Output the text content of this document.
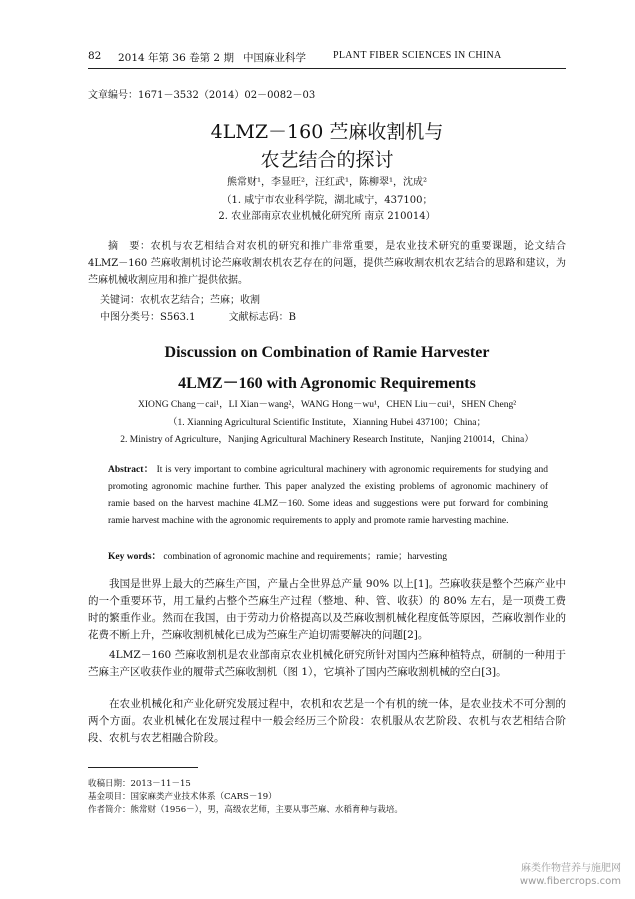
82 2014 年第 36 卷第 2 期 中国麻业科学	PLANT FIBER SCIENCES IN CHINA
文章编号：1671－3532（2014）02－0082－03
4LMZ－160 苎麻收割机与
农艺结合的探讨
熊常财¹，李显旺²，汪红武¹，陈柳翠¹，沈成²
（1. 咸宁市农业科学院，湖北咸宁，437100；
2. 农业部南京农业机械化研究所 南京 210014）
摘　要：农机与农艺相结合对农机的研究和推广非常重要，是农业技术研究的重要课题，论文结合 4LMZ－160 苎麻收割机讨论苎麻收割农机农艺存在的问题，提供苎麻收割农机农艺结合的思路和建议，为苎麻机械收割应用和推广提供依据。
关键词：农机农艺结合；苎麻；收割
中图分类号：S563.1	文献标志码：B
Discussion on Combination of Ramie Harvester
4LMZ－160 with Agronomic Requirements
XIONG Chang－cai¹，LI Xian－wang²，WANG Hong－wu¹，CHEN Liu－cui¹，SHEN Cheng²
（1. Xianning Agricultural Scientific Institute，Xianning Hubei 437100；China；
2. Ministry of Agriculture，Nanjing Agricultural Machinery Research Institute，Nanjing 210014，China）
Abstract： It is very important to combine agricultural machinery with agronomic requirements for studying and promoting agronomic machine further. This paper analyzed the existing problems of agronomic machinery of ramie based on the harvest machine 4LMZ－160. Some ideas and suggestions were put forward for combining ramie harvest machine with the agronomic requirements to apply and promote ramie harvesting machine.
Key words： combination of agronomic machine and requirements；ramie；harvesting
我国是世界上最大的苎麻生产国，产量占全世界总产量 90% 以上[1]。苎麻收获是整个苎麻产业中的一个重要环节，用工量约占整个苎麻生产过程（整地、种、管、收获）的 80% 左右，是一项费工费时的繁重作业。然而在我国，由于劳动力价格提高以及苎麻收割机械化程度低等原因，苎麻收割作业的花费不断上升，苎麻收割机械化已成为苎麻生产迫切需要解决的问题[2]。
4LMZ－160 苎麻收割机是农业部南京农业机械化研究所针对国内苎麻种植特点，研制的一种用于苎麻主产区收获作业的履带式苎麻收割机（图 1），它填补了国内苎麻收割机械的空白[3]。
在农业机械化和产业化研究发展过程中，农机和农艺是一个有机的统一体，是农业技术不可分割的两个方面。农业机械化在发展过程中一般会经历三个阶段：农机服从农艺阶段、农机与农艺相结合阶段、农机与农艺相融合阶段。
收稿日期：2013－11－15
基金项目：国家麻类产业技术体系（CARS－19）
作者简介：熊常财（1956－），男，高级农艺师，主要从事苎麻、水稻育种与栽培。
麻类作物营养与施肥网
www.fibercrops.com
